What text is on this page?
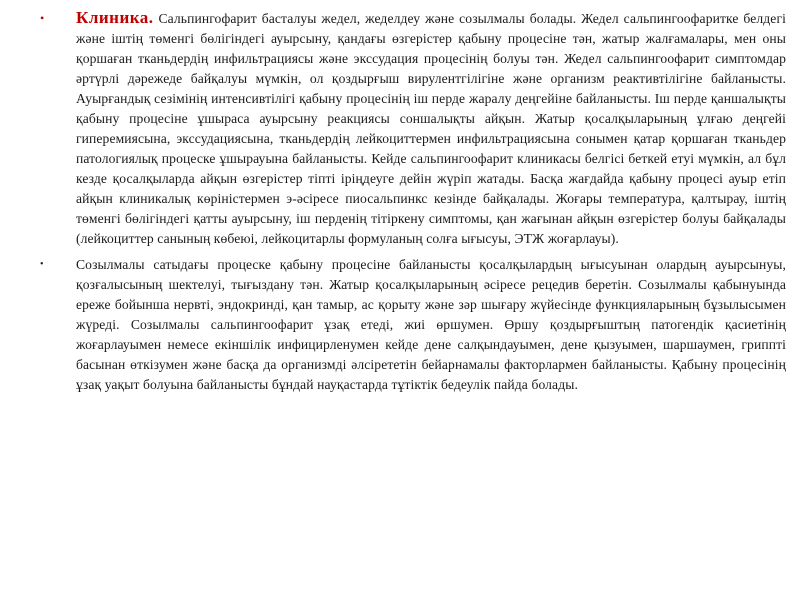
•	Клиника. Сальпингофарит басталуы жедел, жеделдеу және созылмалы болады. Жедел сальпингоофаритке белдегі және іштің төменгі бөлігіндегі ауырсыну, қандағы өзгерістер қабыну процесіне тән, жатыр жалғамалары, мен оны қоршаған тканьдердің инфильтрациясы және экссудация процесінің болуы тән. Жедел сальпингоофарит симптомдар әртүрлі дәрежеде байқалуы мүмкін, ол қоздырғыш вирулентгілігіне және организм реактивтілігіне байланысты. Ауырғандық сезімінің интенсивтілігі қабыну процесінің іш перде жаралу деңгейіне байланысты. Іш перде қаншалықты қабыну процесіне ұшыраса ауырсыну реакциясы соншалықты айқын. Жатыр қосалқыларының ұлғаю деңгейі гиперемиясына, экссудациясына, тканьдердің лейкоциттермен инфильтрациясына сонымен қатар қоршаған тканьдер патологиялық процеске ұшырауына байланысты. Кейде сальпингоофарит клиникасы белгісі беткей етуі мүмкін, ал бұл кезде қосалқыларда айқын өзгерістер тіпті іріңдеуге дейін жүріп жатады. Басқа жағдайда қабыну процесі ауыр етіп айқын клиникалық көріністермен э-әсіресе пиосальпинкс кезінде байқалады. Жоғары температура, қалтырау, іштің төменгі бөлігіндегі қатты ауырсыну, іш перденің тітіркену симптомы, қан жағынан айқын өзгерістер болуы байқалады (лейкоциттер санының көбеюі, лейкоцитарлы формуланың солға ығысуы, ЭТЖ жоғарлауы).
•	Созылмалы сатыдағы процеске қабыну процесіне байланысты қосалқылардың ығысуынан олардың ауырсынуы, қозғалысының шектелуі, тығыздану тән. Жатыр қосалқыларының әсіресе рецедив беретін. Созылмалы қабынуында ереже бойынша нервті, эндокринді, қан тамыр, ас қорыту және зәр шығару жүйесінде функцияларының бұзылысымен жүреді. Созылмалы сальпингоофарит ұзақ етеді, жиі өршумен. Өршу қоздырғыштың патогендік қасиетінің жоғарлауымен немесе екіншілік инфицирленумен кейде дене салқындауымен, дене қызуымен, шаршаумен, гриппті басынан өткізумен және басқа да организмді әлсірететін бейарнамалы факторлармен байланысты. Қабыну процесінің ұзақ уақыт болуына байланысты бұндай науқастарда тұтіктік бедеулік пайда болады.
